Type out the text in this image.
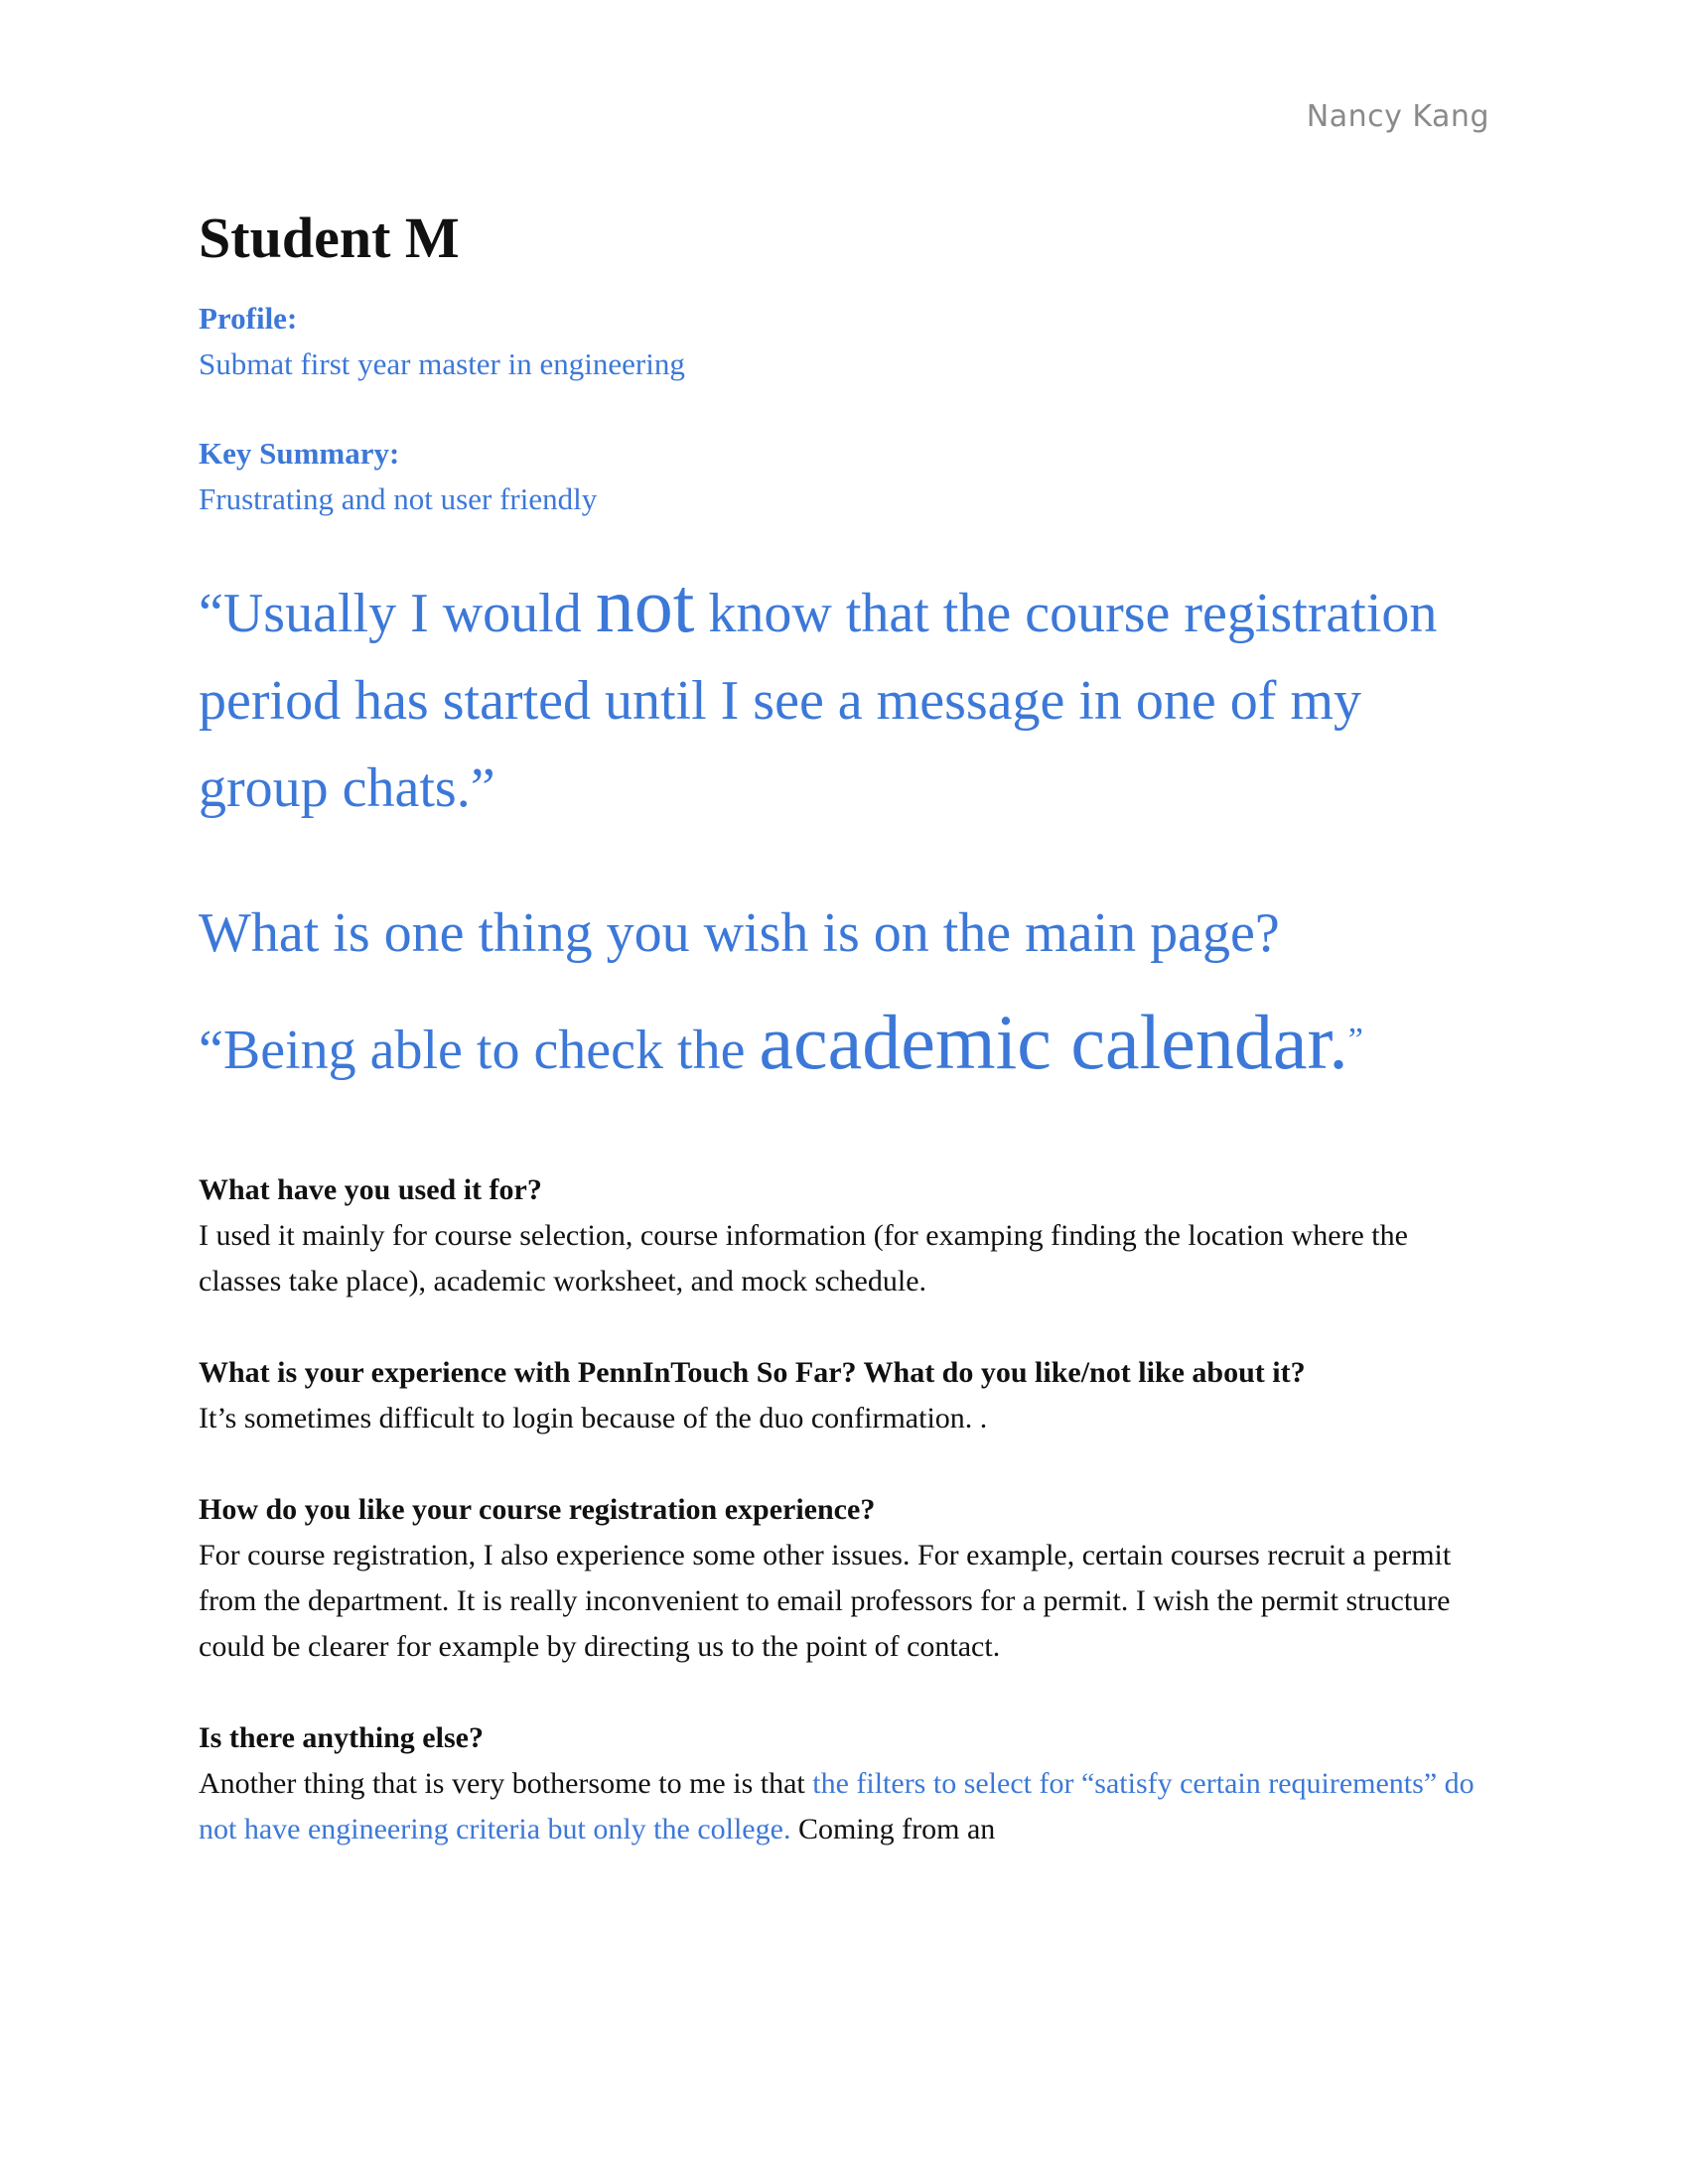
Nancy Kang
Student M
Profile:
Submat first year master in engineering
Key Summary:
Frustrating and not user friendly
“Usually I would not know that the course registration period has started until I see a message in one of my group chats.”
What is one thing you wish is on the main page?
“Being able to check the academic calendar.”
What have you used it for?
I used it mainly for course selection, course information (for examping finding the location where the classes take place), academic worksheet, and mock schedule.
What is your experience with PennInTouch So Far? What do you like/not like about it?
It’s sometimes difficult to login because of the duo confirmation. .
How do you like your course registration experience?
For course registration, I also experience some other issues. For example, certain courses recruit a permit from the department. It is really inconvenient to email professors for a permit. I wish the permit structure could be clearer for example by directing us to the point of contact.
Is there anything else?
Another thing that is very bothersome to me is that the filters to select for “satisfy certain requirements” do not have engineering criteria but only the college. Coming from an
